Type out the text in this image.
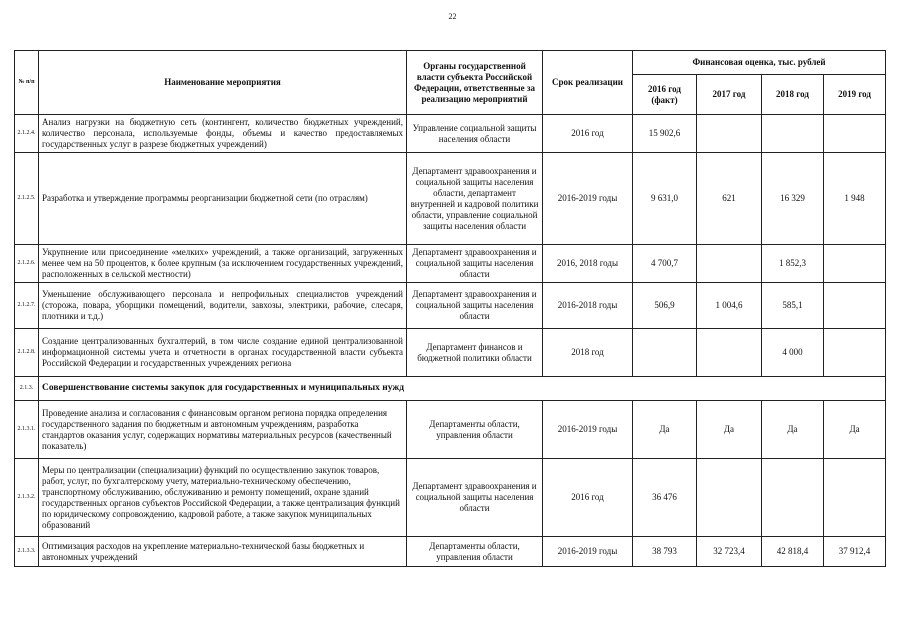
22
№ п/п	Наименование мероприятия	Органы государственной власти субъекта Российской Федерации, ответственные за реализацию мероприятий	Срок реализации	Финансовая оценка, тыс. рублей			
				2016 год (факт)	2017 год	2018 год	2019 год
2.1.2.4.	Анализ нагрузки на бюджетную сеть (контингент, количество бюджетных учреждений, количество персонала, используемые фонды, объемы и качество предоставляемых государственных услуг в разрезе бюджетных учреждений)	Управление социальной защиты населения области	2016 год	15 902,6			
2.1.2.5.	Разработка и утверждение программы реорганизации бюджетной сети (по отраслям)	Департамент здравоохранения и социальной защиты населения области, департамент внутренней и кадровой политики области, управление социальной защиты населения области	2016-2019 годы	9 631,0	621	16 329	1 948
2.1.2.6.	Укрупнение или присоединение «мелких» учреждений, а также организаций, загруженных менее чем на 50 процентов, к более крупным (за исключением государственных учреждений, расположенных в сельской местности)	Департамент здравоохранения и социальной защиты населения области	2016, 2018 годы	4 700,7		1 852,3	
2.1.2.7.	Уменьшение обслуживающего персонала и непрофильных специалистов учреждений (сторожа, повара, уборщики помещений, водители, завхозы, электрики, рабочие, слесаря, плотники и т.д.)	Департамент здравоохранения и социальной защиты населения области	2016-2018 годы	506,9	1 004,6	585,1	
2.1.2.8.	Создание централизованных бухгалтерий, в том числе создание единой централизованной информационной системы учета и отчетности в органах государственной власти субъекта Российской Федерации и государственных учреждениях региона	Департамент финансов и бюджетной политики области	2018 год			4 000	
2.1.3.	Совершенствование системы закупок для государственных и муниципальных нужд						
2.1.3.1.	Проведение анализа и согласования с финансовым органом региона порядка определения государственного задания по бюджетным и автономным учреждениям, разработка стандартов оказания услуг, содержащих нормативы материальных ресурсов (качественный показатель)	Департаменты области, управления области	2016-2019 годы	Да	Да	Да	Да
2.1.3.2.	Меры по централизации (специализации) функций по осуществлению закупок товаров, работ, услуг, по бухгалтерскому учету, материально-техническому обеспечению, транспортному обслуживанию, обслуживанию и ремонту помещений, охране зданий государственных органов субъектов Российской Федерации, а также централизация функций по юридическому сопровождению, кадровой работе, а также закупок муниципальных образований	Департамент здравоохранения и социальной защиты населения области	2016 год	36 476			
2.1.3.3.	Оптимизация расходов на укрепление материально-технической базы бюджетных и автономных учреждений	Департаменты области, управления области	2016-2019 годы	38 793	32 723,4	42 818,4	37 912,4
